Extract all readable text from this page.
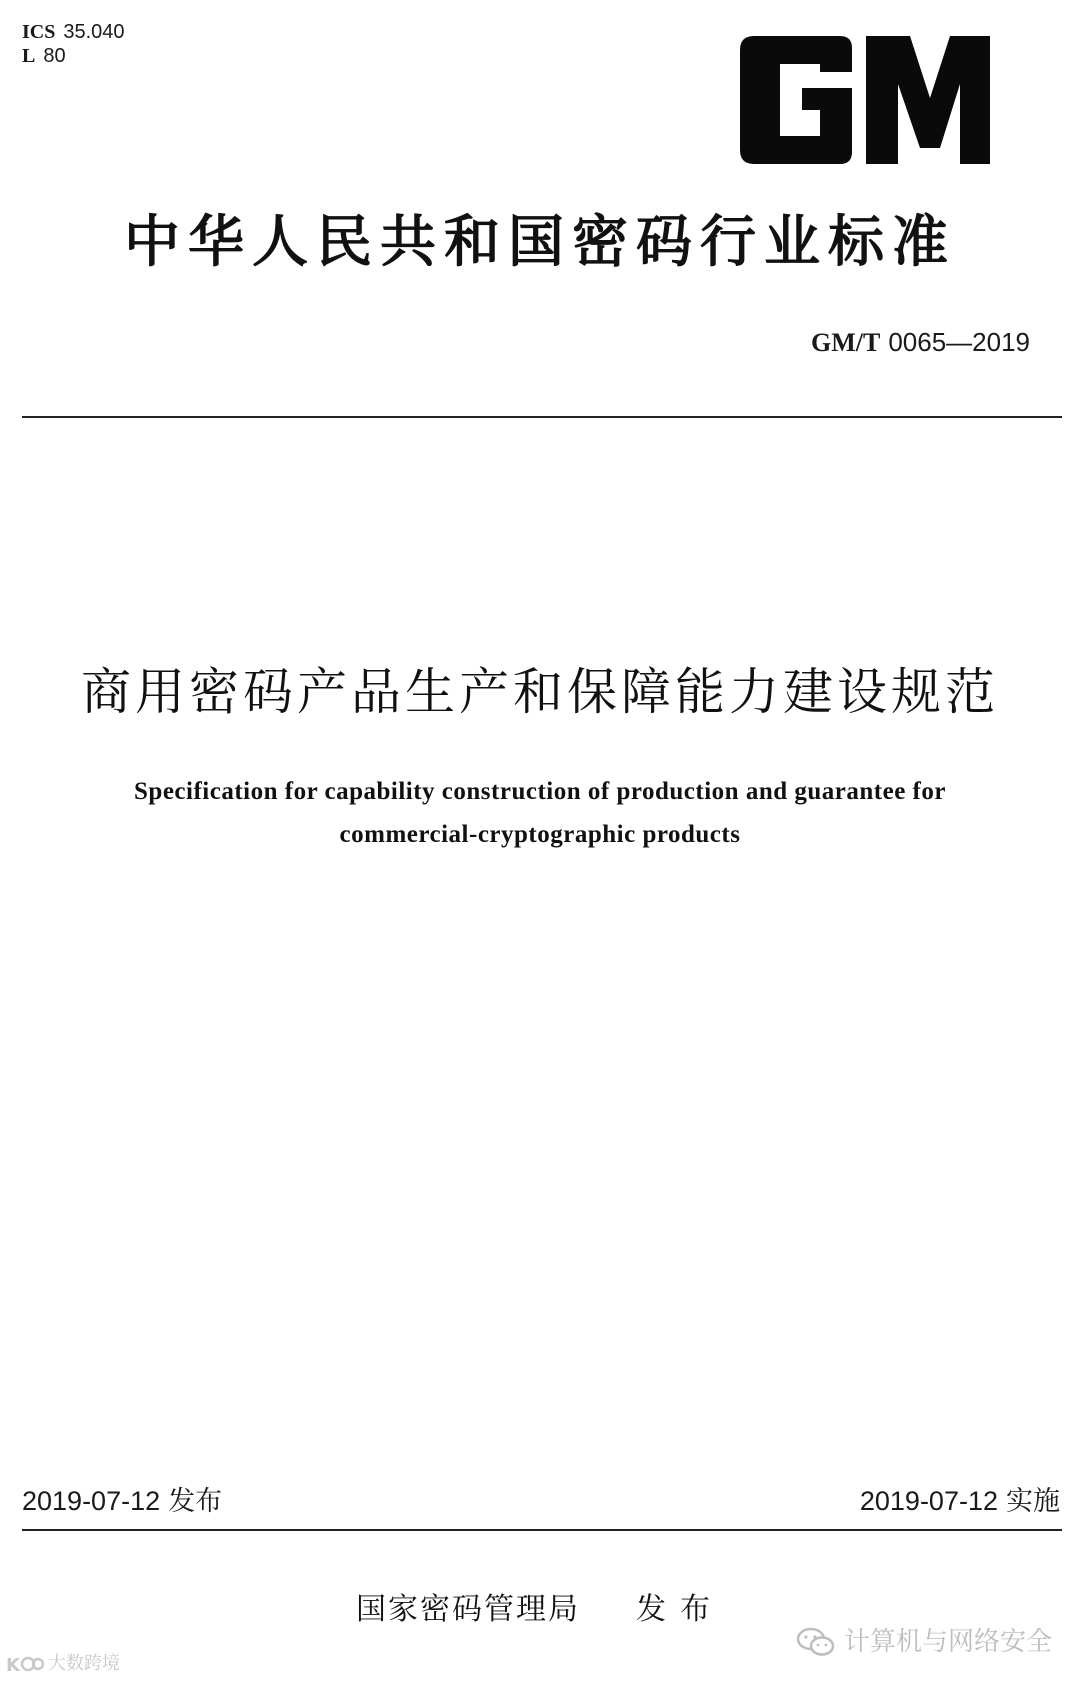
ICS 35.040
L 80
中华人民共和国密码行业标准
GM/T 0065—2019
商用密码产品生产和保障能力建设规范
Specification for capability construction of production and guarantee for
commercial-cryptographic products
2019-07-12 发布	2019-07-12 实施
国家密码管理局 发布
K 大数跨境
计算机与网络安全
